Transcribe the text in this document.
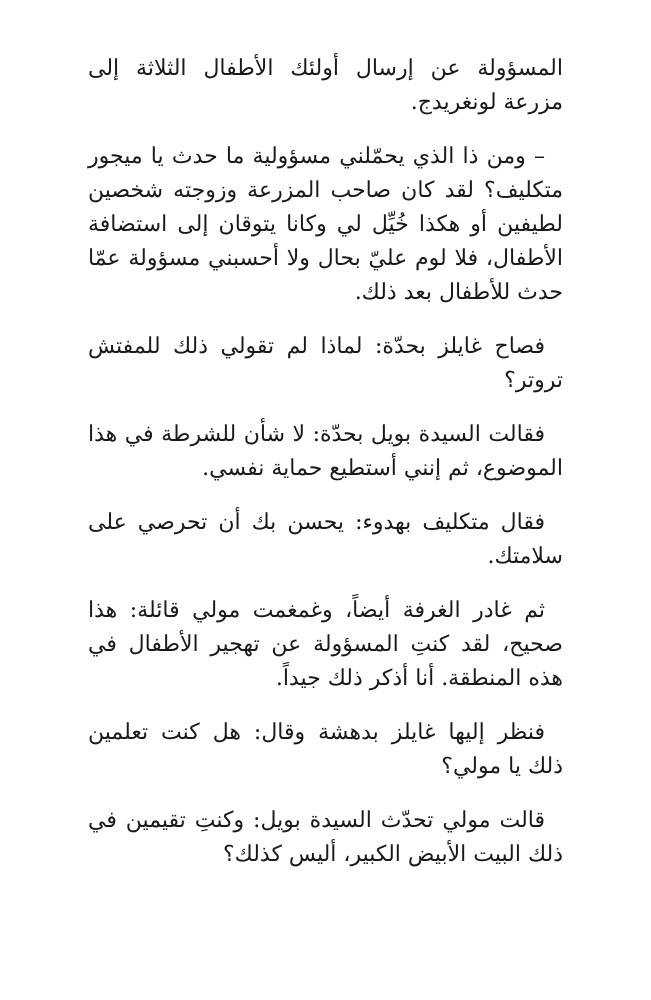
المسؤولة عن إرسال أولئك الأطفال الثلاثة إلى مزرعة لونغريدج.

– ومن ذا الذي يحمّلني مسؤولية ما حدث يا ميجور متكليف؟ لقد كان صاحب المزرعة وزوجته شخصين لطيفين أو هكذا خُيِّل لي وكانا يتوقان إلى استضافة الأطفال، فلا لوم عليّ بحال ولا أحسبني مسؤولة عمّا حدث للأطفال بعد ذلك.

فصاح غايلز بحدّة: لماذا لم تقولي ذلك للمفتش تروتر؟

فقالت السيدة بويل بحدّة: لا شأن للشرطة في هذا الموضوع، ثم إنني أستطيع حماية نفسي.

فقال متكليف بهدوء: يحسن بك أن تحرصي على سلامتك.

ثم غادر الغرفة أيضاً، وغمغمت مولي قائلة: هذا صحيح، لقد كنتِ المسؤولة عن تهجير الأطفال في هذه المنطقة. أنا أذكر ذلك جيداً.

فنظر إليها غايلز بدهشة وقال: هل كنت تعلمين ذلك يا مولي؟

قالت مولي تحدّث السيدة بويل: وكنتِ تقيمين في ذلك البيت الأبيض الكبير، أليس كذلك؟
